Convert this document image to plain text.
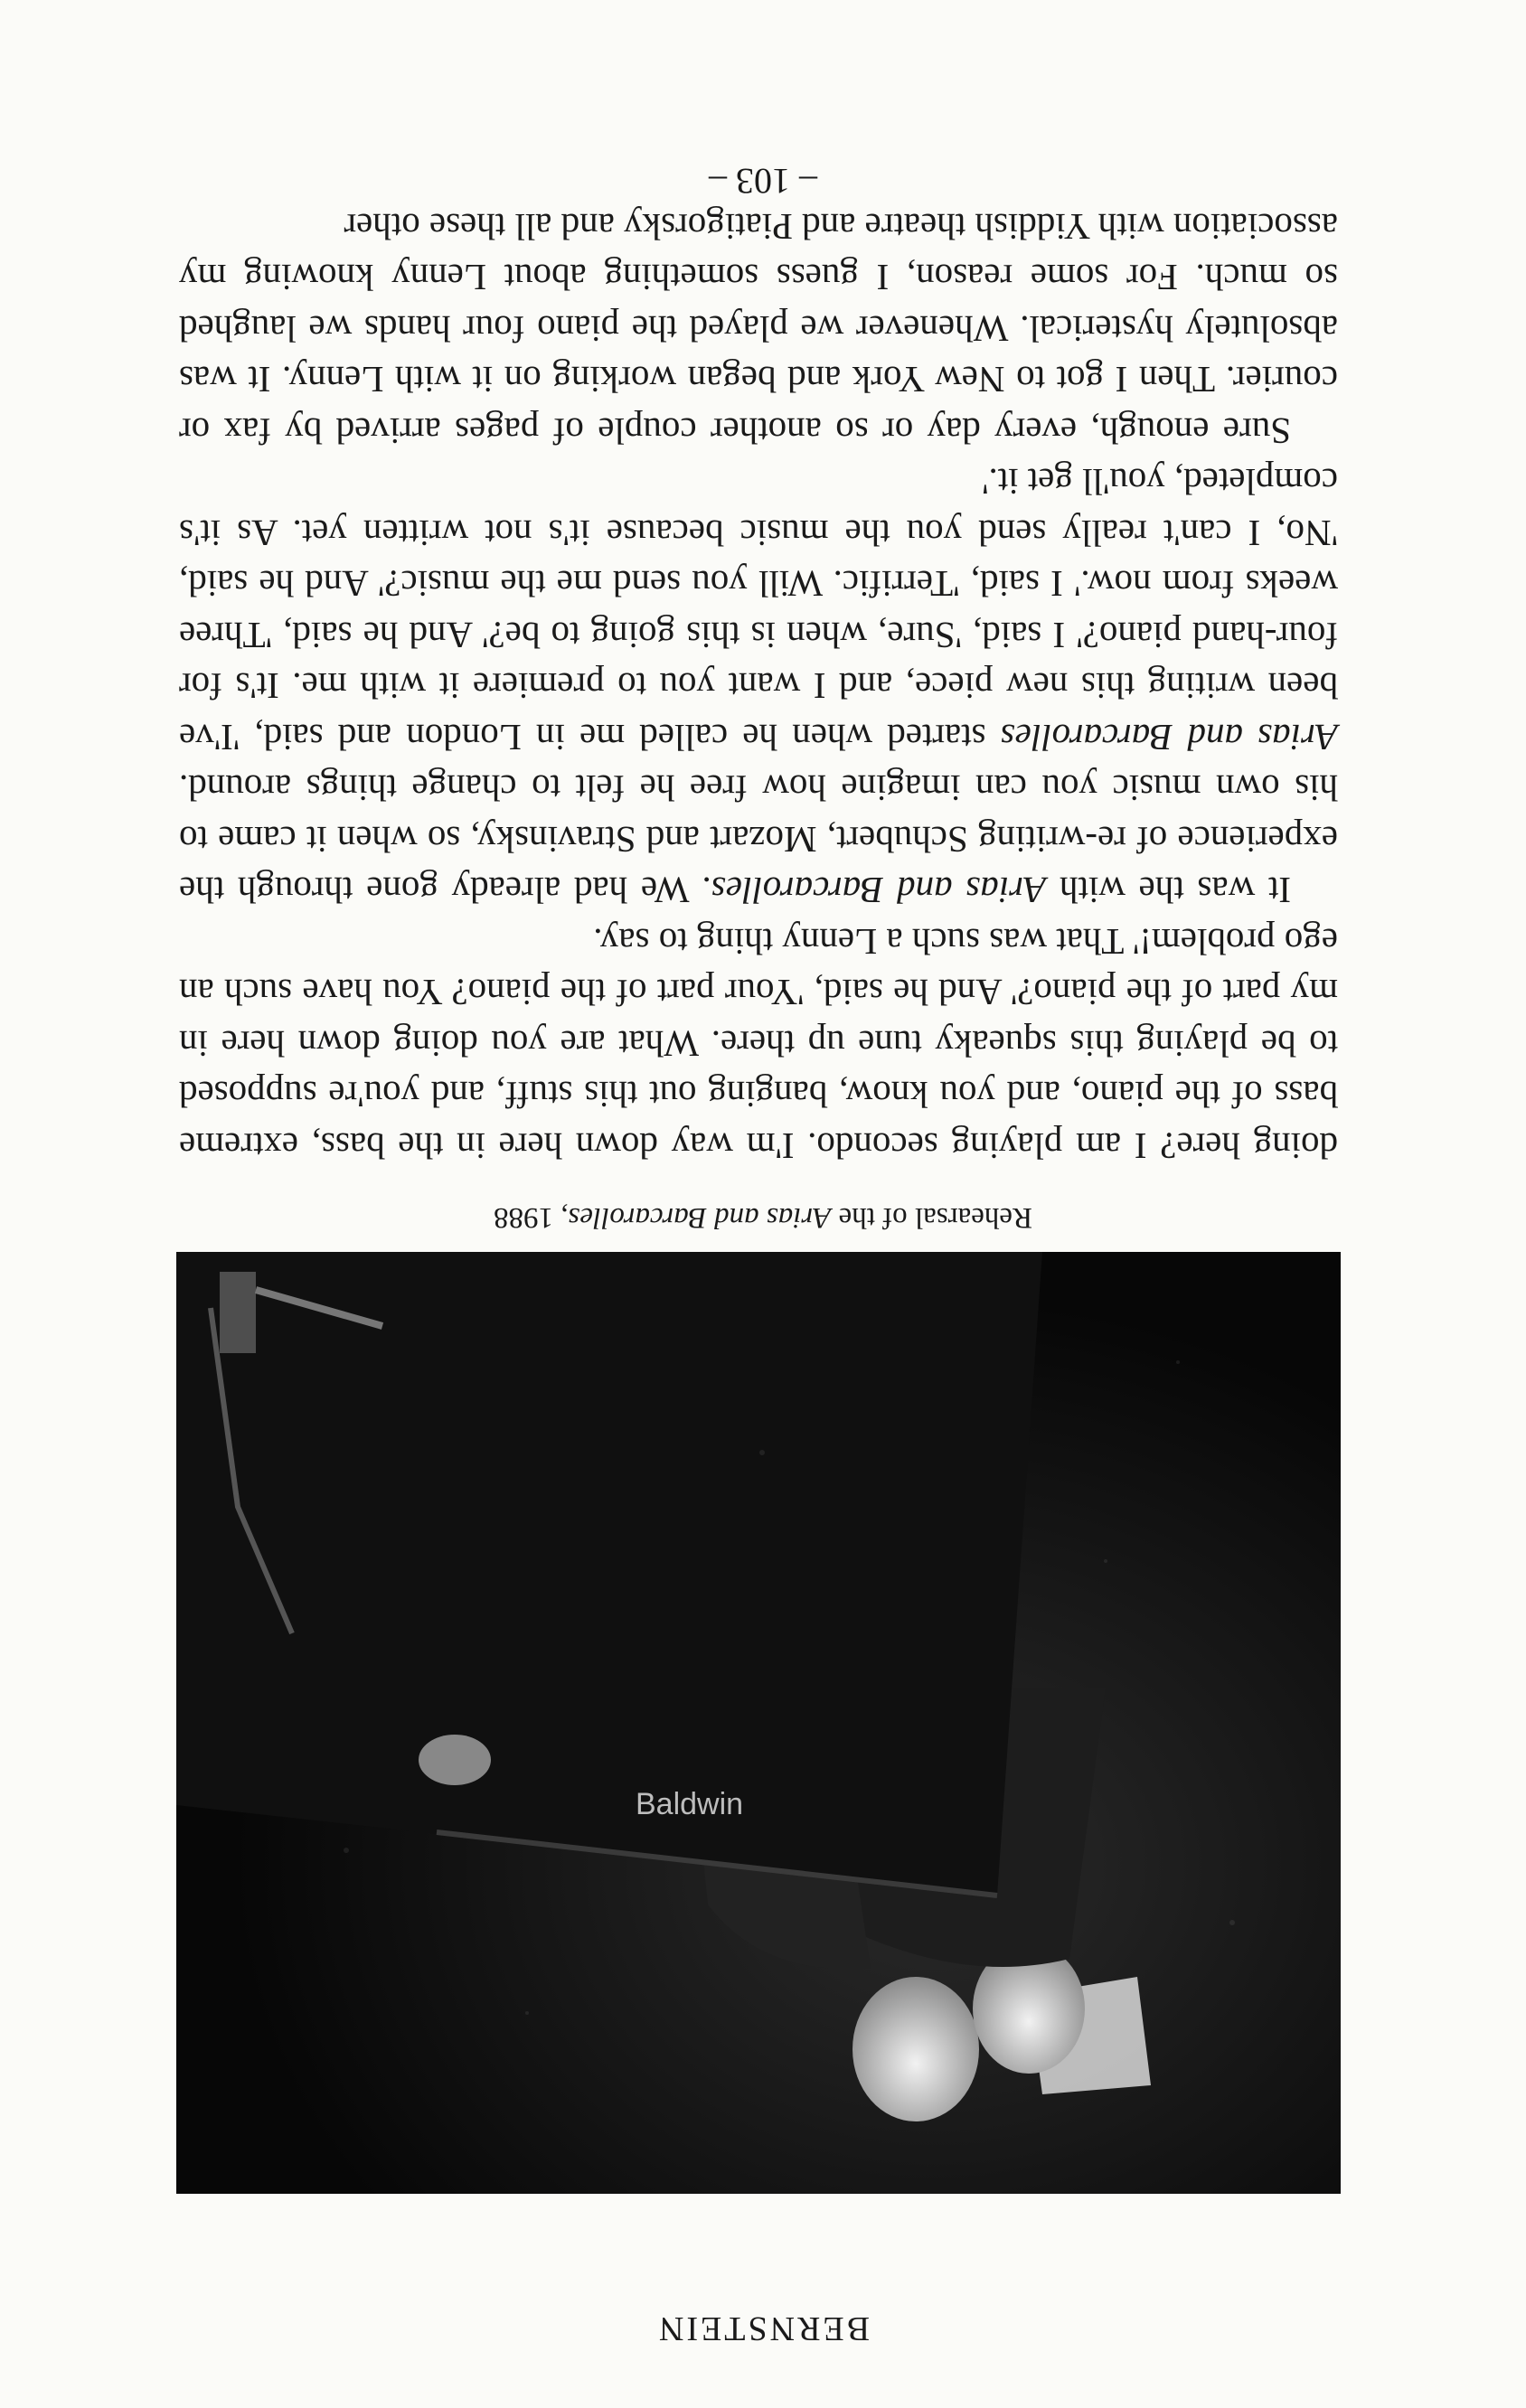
BERNSTEIN
Baldwin
Rehearsal of the Arias and Barcarolles, 1988

doing here? I am playing secondo. I'm way down here in the bass, extreme bass of the piano, and you know, banging out this stuff, and you're supposed to be playing this squeaky tune up there. What are you doing down here in my part of the piano?' And he said, 'Your part of the piano? You have such an ego problem!' That was such a Lenny thing to say.

It was the with Arias and Barcarolles. We had already gone through the experience of re-writing Schubert, Mozart and Stravinsky, so when it came to his own music you can imagine how free he felt to change things around. Arias and Barcarolles started when he called me in London and said, 'I've been writing this new piece, and I want you to premiere it with me. It's for four-hand piano?' I said, 'Sure, when is this going to be?' And he said, 'Three weeks from now.' I said, 'Terrific. Will you send me the music?' And he said, 'No, I can't really send you the music because it's not written yet. As it's completed, you'll get it.'

Sure enough, every day or so another couple of pages arrived by fax or courier. Then I got to New York and began working on it with Lenny. It was absolutely hysterical. Whenever we played the piano four hands we laughed so much. For some reason, I guess something about Lenny knowing my association with Yiddish theatre and Piatigorsky and all these other

– 103 –
